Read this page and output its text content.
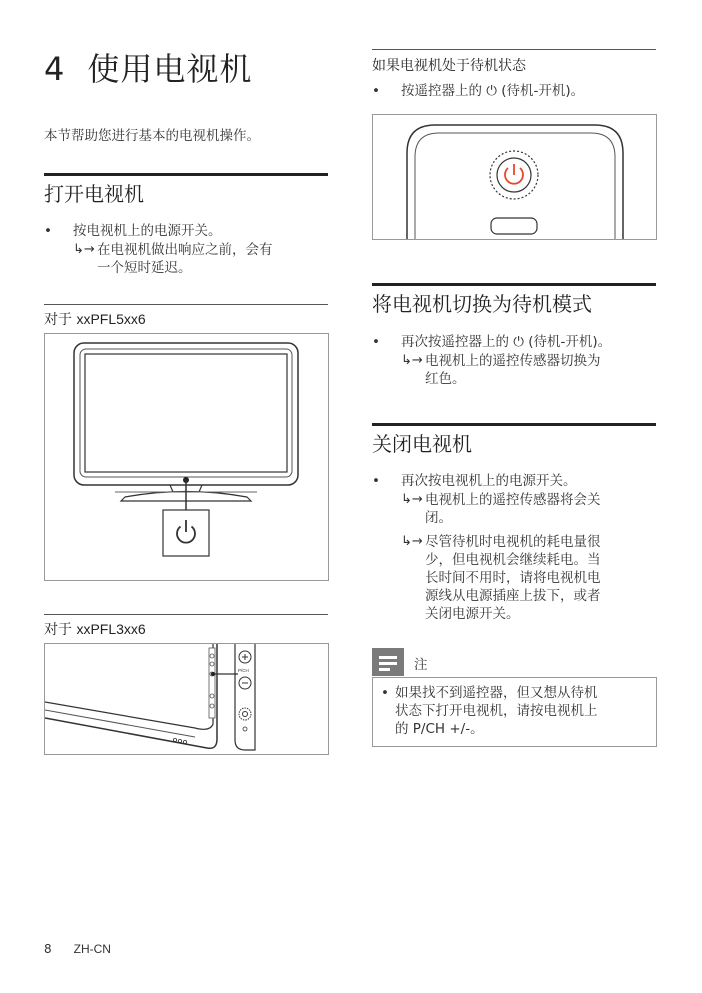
4 使用电视机
本节帮助您进行基本的电视机操作。
打开电视机
• 按电视机上的电源开关。
↳→ 在电视机做出响应之前，会有
一个短时延迟。
对于 xxPFL5xx6
对于 xxPFL3xx6
P/CH
如果电视机处于待机状态
• 按遥控器上的 ⏻ (待机-开机)。
将电视机切换为待机模式
• 再次按遥控器上的 ⏻ (待机-开机)。
↳→ 电视机上的遥控传感器切换为
红色。
关闭电视机
• 再次按电视机上的电源开关。
↳→ 电视机上的遥控传感器将会关
闭。
↳→ 尽管待机时电视机的耗电量很
少，但电视机会继续耗电。当
长时间不用时，请将电视机电
源线从电源插座上拔下，或者
关闭电源开关。
注
• 如果找不到遥控器，但又想从待机
状态下打开电视机，请按电视机上
的 P/CH +/-。
8 ZH-CN
